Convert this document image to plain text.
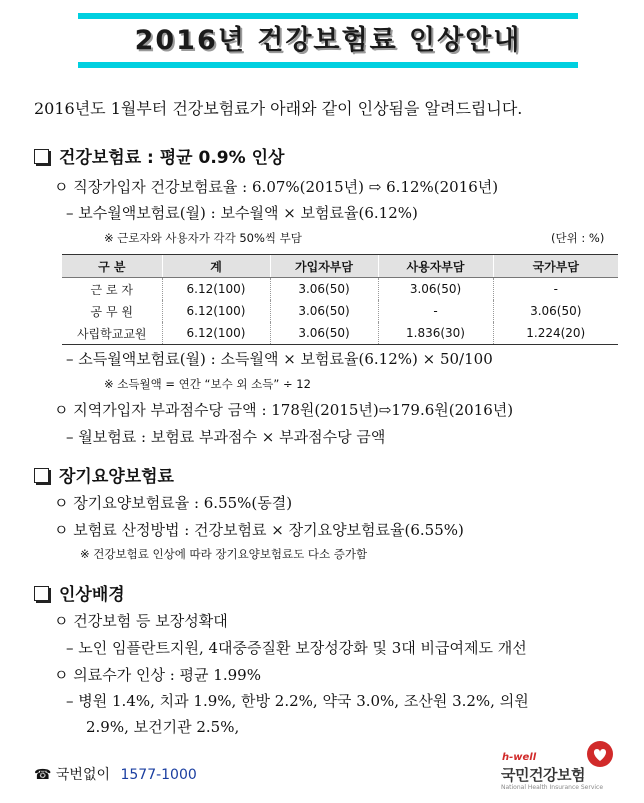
2016년 건강보험료 인상안내
2016년도 1월부터 건강보험료가 아래와 같이 인상됨을 알려드립니다.
건강보험료 : 평균 0.9% 인상
ㅇ 직장가입자 건강보험료율 : 6.07%(2015년) ⇨ 6.12%(2016년)
– 보수월액보험료(월) : 보수월액 × 보험료율(6.12%)
※ 근로자와 사용자가 각각 50%씩 부담	(단위 : %)
구 분	계	가입자부담	사용자부담	국가부담
근 로 자	6.12(100)	3.06(50)	3.06(50)	-
공 무 원	6.12(100)	3.06(50)	-	3.06(50)
사립학교교원	6.12(100)	3.06(50)	1.836(30)	1.224(20)
– 소득월액보험료(월) : 소득월액 × 보험료율(6.12%) × 50/100
※ 소득월액 = 연간 “보수 외 소득” ÷ 12
ㅇ 지역가입자 부과점수당 금액 : 178원(2015년)⇨179.6원(2016년)
– 월보험료 : 보험료 부과점수 × 부과점수당 금액
장기요양보험료
ㅇ 장기요양보험료율 : 6.55%(동결)
ㅇ 보험료 산정방법 : 건강보험료 × 장기요양보험료율(6.55%)
※ 건강보험료 인상에 따라 장기요양보험료도 다소 증가함
인상배경
ㅇ 건강보험 등 보장성확대
– 노인 임플란트지원, 4대중증질환 보장성강화 및 3대 비급여제도 개선
ㅇ 의료수가 인상 : 평균 1.99%
– 병원 1.4%, 치과 1.9%, 한방 2.2%, 약국 3.0%, 조산원 3.2%, 의원
2.9%, 보건기관 2.5%,
☎ 국번없이 1577-1000
h-well
국민건강보험
National Health Insurance Service
